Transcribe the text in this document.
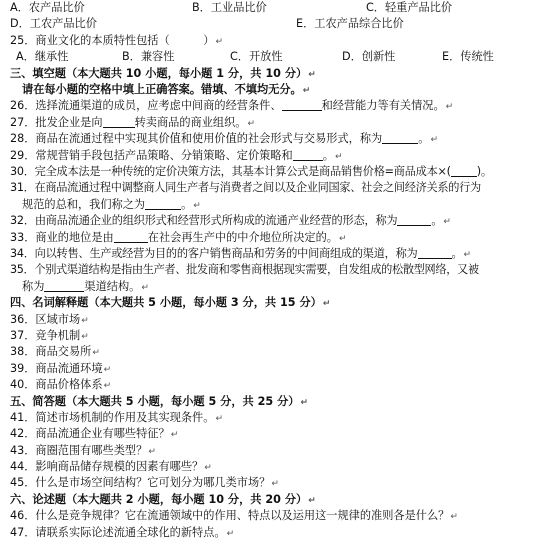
A．农产品比价	B．工业品比价	C．轻重产品比价
D．工农产品比价	E．工农产品综合比价
25．商业文化的本质特性包括（　　　）↵
A．继承性	B．兼容性	C．开放性	D．创新性	E．传统性
三、填空题（本大题共 10 小题，每小题 1 分，共 10 分）↵
请在每小题的空格中填上正确答案。错填、不填均无分。↵
26．选择流通渠道的成员，应考虑中间商的经营条件、	和经营能力等有关情况。↵
27．批发企业是向	转卖商品的商业组织。↵
28．商品在流通过程中实现其价值和使用价值的社会形式与交易形式，称为	。↵
29．常规营销手段包括产品策略、分销策略、定价策略和	。↵
30．完全成本法是一种传统的定价决策方法，其基本计算公式是商品销售价格=商品成本×( )。
31．在商品流通过程中调整商人同生产者与消费者之间以及企业同国家、社会之间经济关系的行为
规范的总和，我们称之为	。↵
32．由商品流通企业的组织形式和经营形式所构成的流通产业经营的形态，称为	。↵
33．商业的地位是由	在社会再生产中的中介地位所决定的。↵
34．向以转售、生产或经营为目的的客户销售商品和劳务的中间商组成的渠道，称为	。↵
35．个别式渠道结构是指由生产者、批发商和零售商根据现实需要，自发组成的松散型网络，又被
称为	渠道结构。↵
四、名词解释题（本大题共 5 小题，每小题 3 分，共 15 分）↵
36．区域市场↵
37．竞争机制↵
38．商品交易所↵
39．商品流通环境↵
40．商品价格体系↵
五、简答题（本大题共 5 小题，每小题 5 分，共 25 分）↵
41．简述市场机制的作用及其实现条件。↵
42．商品流通企业有哪些特征？↵
43．商圈范围有哪些类型？↵
44．影响商品储存规模的因素有哪些？↵
45．什么是市场空间结构？它可划分为哪几类市场？↵
六、论述题（本大题共 2 小题，每小题 10 分，共 20 分）↵
46．什么是竞争规律？它在流通领域中的作用、特点以及运用这一规律的准则各是什么？↵
47．请联系实际论述流通全球化的新特点。↵
